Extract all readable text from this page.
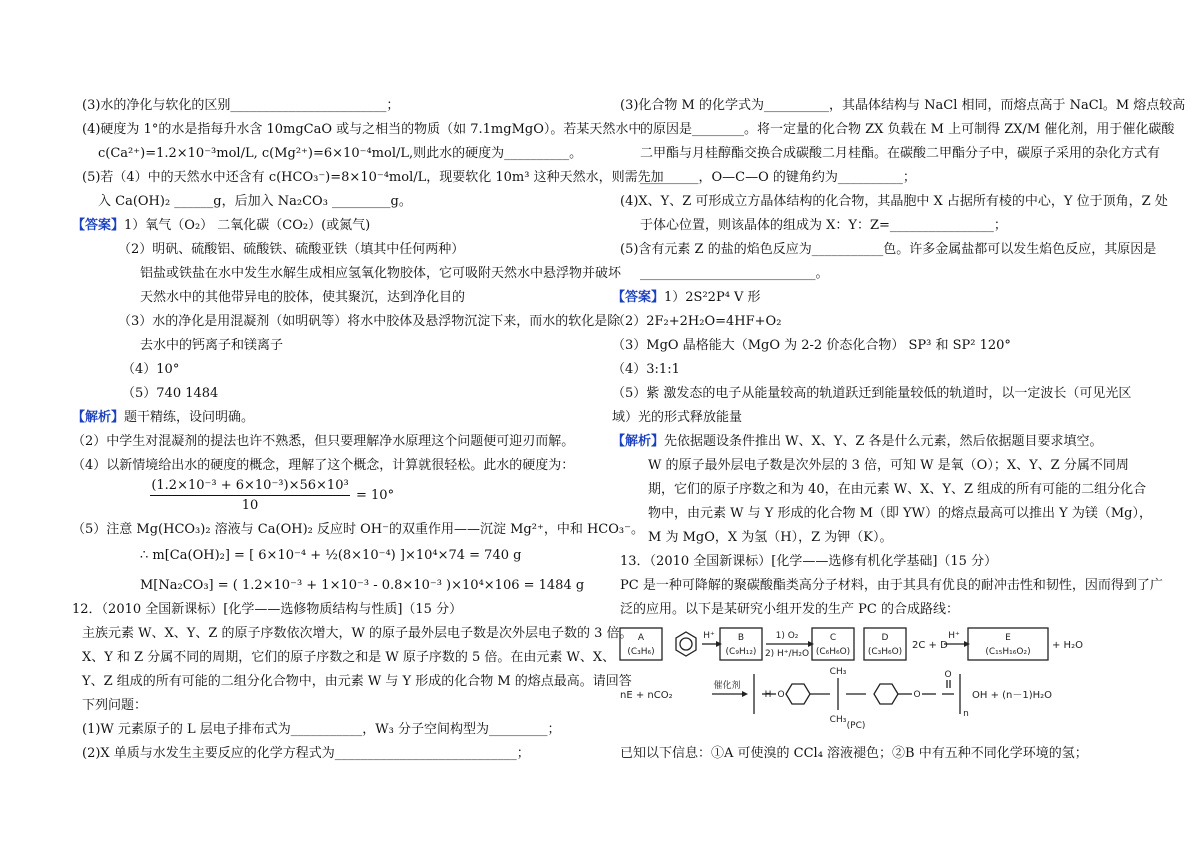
(3)水的净化与软化的区别________________________；
(4)硬度为 1°的水是指每升水含 10mgCaO 或与之相当的物质（如 7.1mgMgO）。若某天然水中
c(Ca²⁺)=1.2×10⁻³mol/L, c(Mg²⁺)=6×10⁻⁴mol/L,则此水的硬度为__________。
(5)若（4）中的天然水中还含有 c(HCO₃⁻)=8×10⁻⁴mol/L，现要软化 10m³ 这种天然水，则需先加
入 Ca(OH)₂ ______g，后加入 Na₂CO₃ _________g。
【答案】1）氧气（O₂） 二氧化碳（CO₂）(或氮气)
（2）明矾、硫酸铝、硫酸铁、硫酸亚铁（填其中任何两种）
铝盐或铁盐在水中发生水解生成相应氢氧化物胶体，它可吸附天然水中悬浮物并破坏
天然水中的其他带异电的胶体，使其聚沉，达到净化目的
（3）水的净化是用混凝剂（如明矾等）将水中胶体及悬浮物沉淀下来，而水的软化是除
去水中的钙离子和镁离子
（4）10°
（5）740 1484
【解析】题干精练，设问明确。
（2）中学生对混凝剂的提法也许不熟悉，但只要理解净水原理这个问题便可迎刃而解。
（4）以新情境给出水的硬度的概念，理解了这个概念，计算就很轻松。此水的硬度为：
(1.2×10⁻³ + 6×10⁻³)×56×10³
10
= 10°
（5）注意 Mg(HCO₃)₂ 溶液与 Ca(OH)₂ 反应时 OH⁻的双重作用——沉淀 Mg²⁺，中和 HCO₃⁻。
∴ m[Ca(OH)₂] = [ 6×10⁻⁴ + ½(8×10⁻⁴) ]×10⁴×74 = 740 g
M[Na₂CO₃] = ( 1.2×10⁻³ + 1×10⁻³ - 0.8×10⁻³ )×10⁴×106 = 1484 g
12．（2010 全国新课标）[化学——选修物质结构与性质]（15 分）
主族元素 W、X、Y、Z 的原子序数依次增大，W 的原子最外层电子数是次外层电子数的 3 倍。
X、Y 和 Z 分属不同的周期，它们的原子序数之和是 W 原子序数的 5 倍。在由元素 W、X、
Y、Z 组成的所有可能的二组分化合物中，由元素 W 与 Y 形成的化合物 M 的熔点最高。请回答
下列问题：
(1)W 元素原子的 L 层电子排布式为___________，W₃ 分子空间构型为_________；
(2)X 单质与水发生主要反应的化学方程式为____________________________；
(3)化合物 M 的化学式为__________，其晶体结构与 NaCl 相同，而熔点高于 NaCl。M 熔点较高
的原因是________。将一定量的化合物 ZX 负载在 M 上可制得 ZX/M 催化剂，用于催化碳酸
二甲酯与月桂醇酯交换合成碳酸二月桂酯。在碳酸二甲酯分子中，碳原子采用的杂化方式有
_________，O—C—O 的键角约为__________；
(4)X、Y、Z 可形成立方晶体结构的化合物，其晶胞中 X 占据所有棱的中心，Y 位于顶角，Z 处
于体心位置，则该晶体的组成为 X：Y：Z=________________；
(5)含有元素 Z 的盐的焰色反应为___________色。许多金属盐都可以发生焰色反应，其原因是
___________________________。
【答案】1）2S²2P⁴ V 形
（2）2F₂+2H₂O=4HF+O₂
（3）MgO 晶格能大（MgO 为 2-2 价态化合物） SP³ 和 SP² 120°
（4）3:1:1
（5）紫 激发态的电子从能量较高的轨道跃迁到能量较低的轨道时，以一定波长（可见光区
域）光的形式释放能量
【解析】先依据题设条件推出 W、X、Y、Z 各是什么元素，然后依据题目要求填空。
W 的原子最外层电子数是次外层的 3 倍，可知 W 是氧（O）；X、Y、Z 分属不同周
期，它们的原子序数之和为 40，在由元素 W、X、Y、Z 组成的所有可能的二组分化合
物中，由元素 W 与 Y 形成的化合物 M（即 YW）的熔点最高可以推出 Y 为镁（Mg），
M 为 MgO，X 为氢（H），Z 为钾（K）。
13．（2010 全国新课标）[化学——选修有机化学基础]（15 分）
PC 是一种可降解的聚碳酸酯类高分子材料，由于其具有优良的耐冲击性和韧性，因而得到了广
泛的应用。以下是某研究小组开发的生产 PC 的合成路线：
A
(C₃H₆)
B
(C₉H₁₂)
C
(C₆H₆O)
D
(C₃H₆O)
E
(C₁₅H₁₆O₂)
H⁺	1) O₂
2) H⁺/H₂O
H⁺
催化剂
(PC)
CH₃
CH₃
O	O
O
n
H
2C + D	+ H₂O
nE + nCO₂	OH + (n－1)H₂O
已知以下信息：①A 可使溴的 CCl₄ 溶液褪色；②B 中有五种不同化学环境的氢；
